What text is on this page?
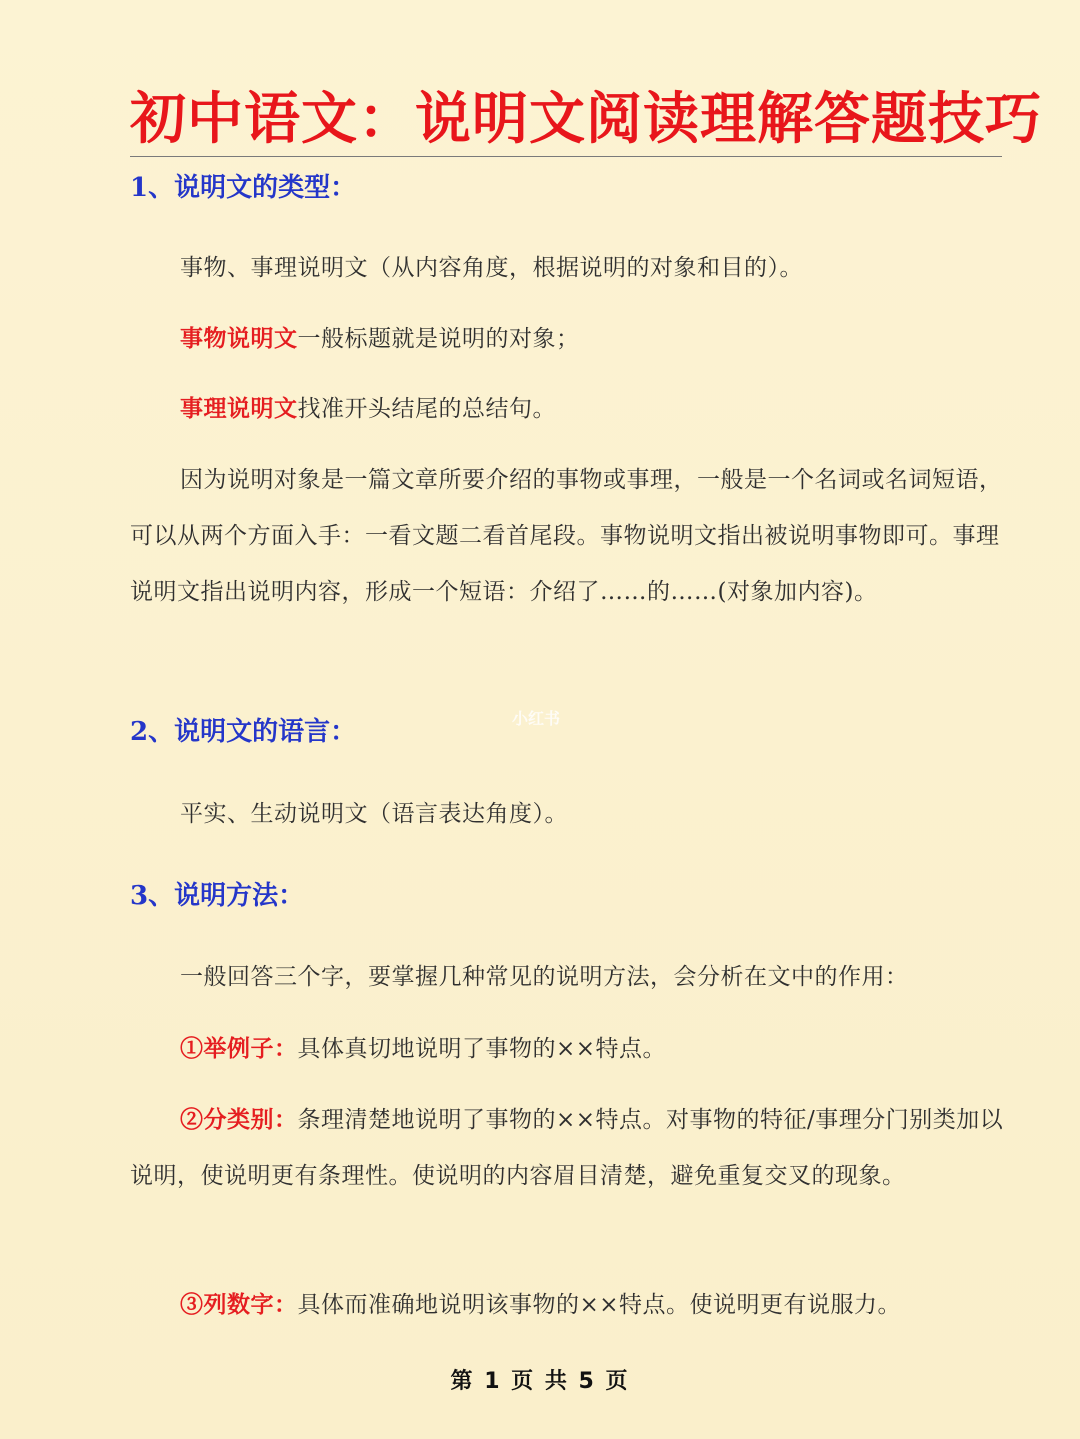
初中语文：说明文阅读理解答题技巧
1、说明文的类型：
事物、事理说明文（从内容角度，根据说明的对象和目的）。
事物说明文一般标题就是说明的对象；
事理说明文找准开头结尾的总结句。
因为说明对象是一篇文章所要介绍的事物或事理，一般是一个名词或名词短语，可以从两个方面入手：一看文题二看首尾段。事物说明文指出被说明事物即可。事理说明文指出说明内容，形成一个短语：介绍了……的……(对象加内容)。
2、说明文的语言：
平实、生动说明文（语言表达角度）。
小红书
3、说明方法：
一般回答三个字，要掌握几种常见的说明方法，会分析在文中的作用：
①举例子：具体真切地说明了事物的××特点。
②分类别：条理清楚地说明了事物的××特点。对事物的特征/事理分门别类加以说明，使说明更有条理性。使说明的内容眉目清楚，避免重复交叉的现象。
③列数字：具体而准确地说明该事物的××特点。使说明更有说服力。
第 1 页 共 5 页
